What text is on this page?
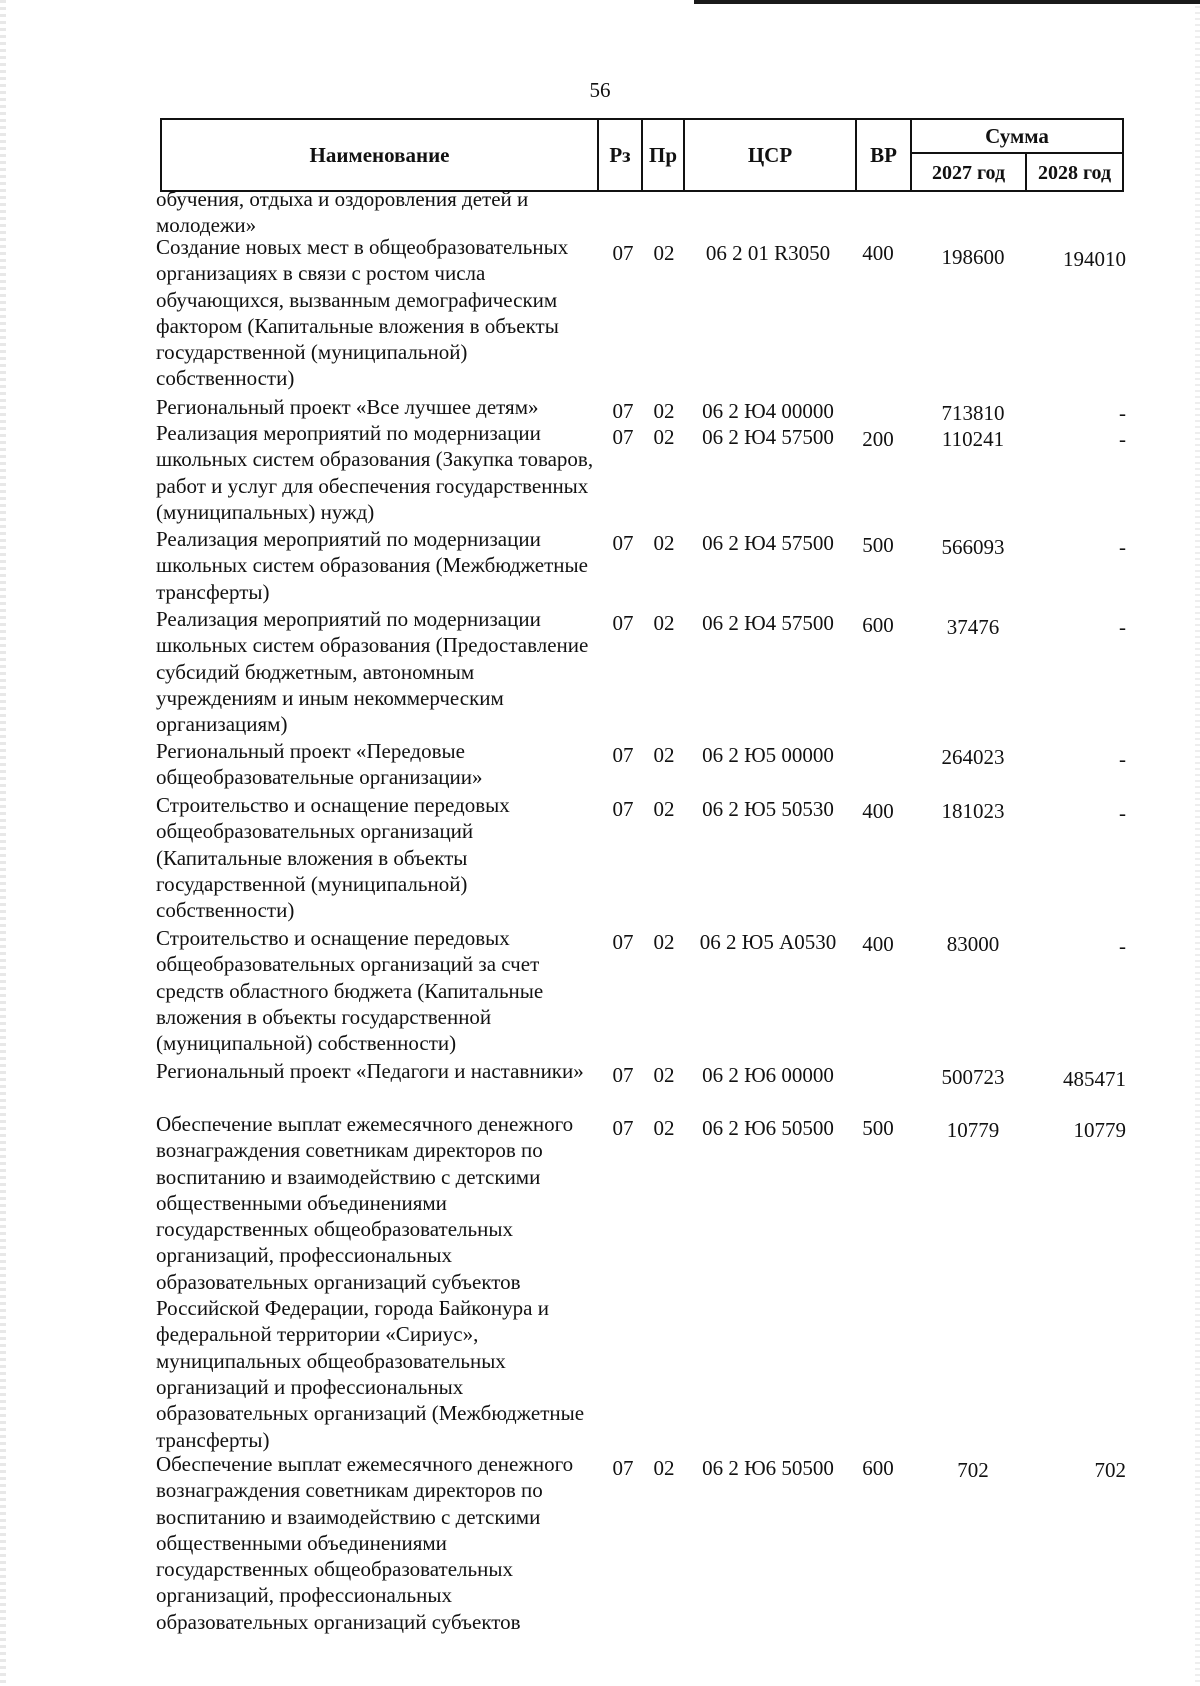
56
Наименование	Рз Пр	ЦСР	ВР
Сумма
2027 год	2028 год
обучения, отдыха и оздоровления детей и молодежи»
Создание новых мест в общеобразовательных организациях в связи с ростом числа обучающихся, вызванным демографическим фактором (Капитальные вложения в объекты государственной (муниципальной) собственности)
07 02	06 2 01 R3050	400	198600	194010
Региональный проект «Все лучшее детям»	07 02	06 2 Ю4 00000	713810	-
Реализация мероприятий по модернизации школьных систем образования (Закупка товаров, работ и услуг для обеспечения государственных (муниципальных) нужд)
07 02	06 2 Ю4 57500	200	110241	-
Реализация мероприятий по модернизации школьных систем образования (Межбюджетные трансферты)
07 02	06 2 Ю4 57500	500	566093	-
Реализация мероприятий по модернизации школьных систем образования (Предоставление субсидий бюджетным, автономным учреждениям и иным некоммерческим организациям)
07 02	06 2 Ю4 57500	600	37476	-
Региональный проект «Передовые общеобразовательные организации»
07 02	06 2 Ю5 00000	264023	-
Строительство и оснащение передовых общеобразовательных организаций (Капитальные вложения в объекты государственной (муниципальной) собственности)
07 02	06 2 Ю5 50530	400	181023	-
Строительство и оснащение передовых общеобразовательных организаций за счет средств областного бюджета (Капитальные вложения в объекты государственной (муниципальной) собственности)
07 02	06 2 Ю5 А0530	400	83000	-
Региональный проект «Педагоги и наставники»	07 02	06 2 Ю6 00000	500723	485471
Обеспечение выплат ежемесячного денежного вознаграждения советникам директоров по воспитанию и взаимодействию с детскими общественными объединениями государственных общеобразовательных организаций, профессиональных образовательных организаций субъектов Российской Федерации, города Байконура и федеральной территории «Сириус», муниципальных общеобразовательных организаций и профессиональных образовательных организаций (Межбюджетные трансферты)
07 02	06 2 Ю6 50500	500	10779	10779
Обеспечение выплат ежемесячного денежного вознаграждения советникам директоров по воспитанию и взаимодействию с детскими общественными объединениями государственных общеобразовательных организаций, профессиональных образовательных организаций субъектов
07 02	06 2 Ю6 50500	600	702	702
